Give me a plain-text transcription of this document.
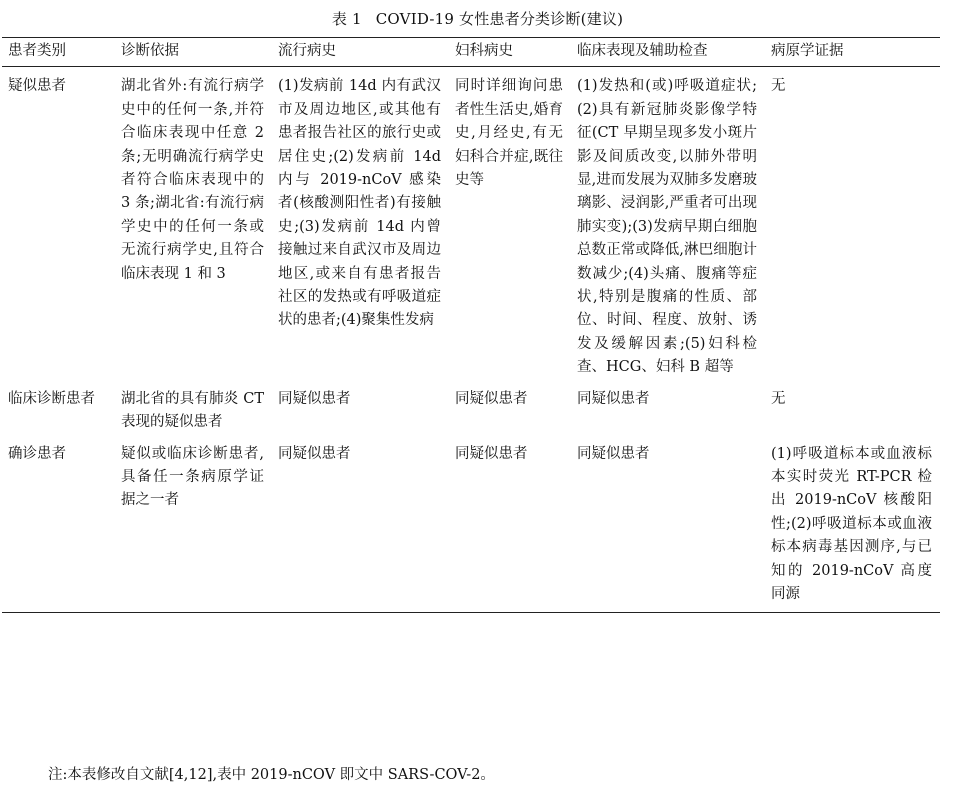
表 1 COVID-19 女性患者分类诊断(建议)
患者类别	诊断依据	流行病史	妇科病史	临床表现及辅助检查	病原学证据
疑似患者	湖北省外:有流行病学史中的任何一条,并符合临床表现中任意 2 条;无明确流行病学史者符合临床表现中的 3 条;湖北省:有流行病学史中的任何一条或无流行病学史,且符合临床表现 1 和 3	(1)发病前 14d 内有武汉市及周边地区,或其他有患者报告社区的旅行史或居住史;(2)发病前 14d 内与 2019-nCoV 感染者(核酸测阳性者)有接触史;(3)发病前 14d 内曾接触过来自武汉市及周边地区,或来自有患者报告社区的发热或有呼吸道症状的患者;(4)聚集性发病	同时详细询问患者性生活史,婚育史,月经史,有无妇科合并症,既往史等	(1)发热和(或)呼吸道症状;(2)具有新冠肺炎影像学特征(CT 早期呈现多发小斑片影及间质改变,以肺外带明显,进而发展为双肺多发磨玻璃影、浸润影,严重者可出现肺实变);(3)发病早期白细胞总数正常或降低,淋巴细胞计数减少;(4)头痛、腹痛等症状,特别是腹痛的性质、部位、时间、程度、放射、诱发及缓解因素;(5)妇科检查、HCG、妇科 B 超等	无
临床诊断患者	湖北省的具有肺炎 CT 表现的疑似患者	同疑似患者	同疑似患者	同疑似患者	无
确诊患者	疑似或临床诊断患者,具备任一条病原学证据之一者	同疑似患者	同疑似患者	同疑似患者	(1)呼吸道标本或血液标本实时荧光 RT-PCR 检出 2019-nCoV 核酸阳性;(2)呼吸道标本或血液标本病毒基因测序,与已知的 2019-nCoV 高度同源
注:本表修改自文献[4,12],表中 2019-nCOV 即文中 SARS-COV-2。
